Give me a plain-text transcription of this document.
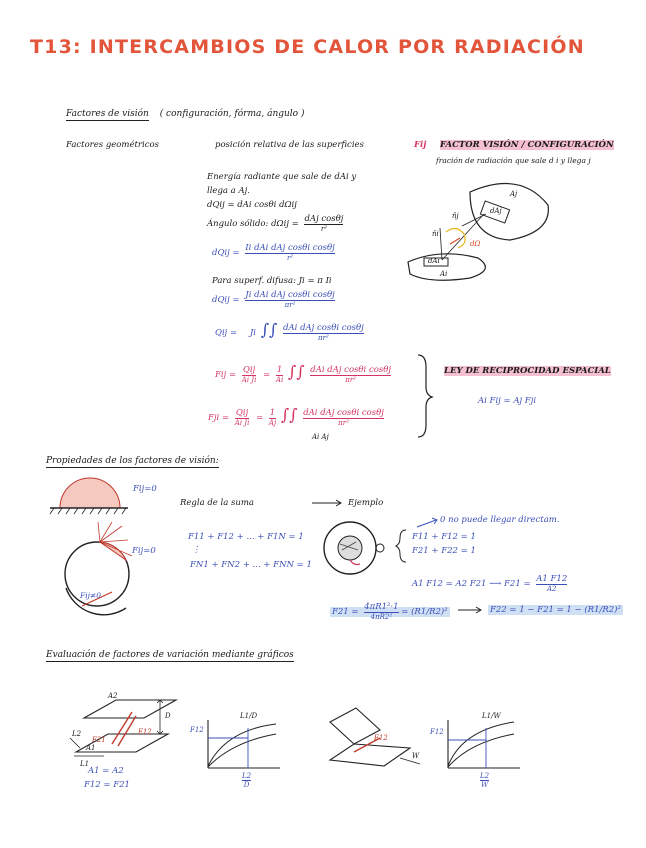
T13: INTERCAMBIOS DE CALOR POR RADIACIÓN
Factores de visión ( configuración, fórma, ángulo )
Factores geométricos	posición relativa de las superficies	Fij FACTOR VISIÓN / CONFIGURACIÓN
fración de radiación que sale d i y llega j
Energía radiante que sale de dAi y
llega a Aj.
dQij = dAi cosθi dΩij
Ángulo sólido: dΩij = dAj cosθj
r²
dQij = Ii dAi dAj cosθi cosθj
r²
Para superf. difusa: Ji = π Ii
dQij = Ji dAi dAj cosθi cosθj
πr²
Qij = Ji ∫∫ dAi dAj cosθi cosθj
πr²
Fij = Qij
Ai Ji = 1
Ai ∫∫ dAi dAj cosθi cosθj
πr²
Fji = Qij
Ai Ji = 1
Aj ∫∫ dAi dAj cosθi cosθj
πr²
Ai Aj
LEY DE RECIPROCIDAD ESPACIAL
Ai Fij = Aj Fji
Aj
dAj
n̂j
n̂i
dΩ
dAi
Ai
Propiedades de los factores de visión:
Fij=0
Fij=0
Fij≠0
Regla de la suma	Ejemplo
F11 + F12 + ... + F1N = 1
⋮
FN1 + FN2 + ... + FNN = 1
0 no puede llegar directam.
F11 + F12 = 1
F21 + F22 = 1
A1 F12 = A2 F21 ⟶ F21 = A1 F12
A2
F21 = 4πR1²·1
4πR2²	= (R1/R2)²	F22 = 1 − F21 = 1 − (R1/R2)²
Evaluación de factores de variación mediante gráficos
A2
D
L2
L1
A1
F21
F12
A1 = A2
F12 = F21
F12
L1/D
L2
D
F12
W
F12
L1/W
L2
W
